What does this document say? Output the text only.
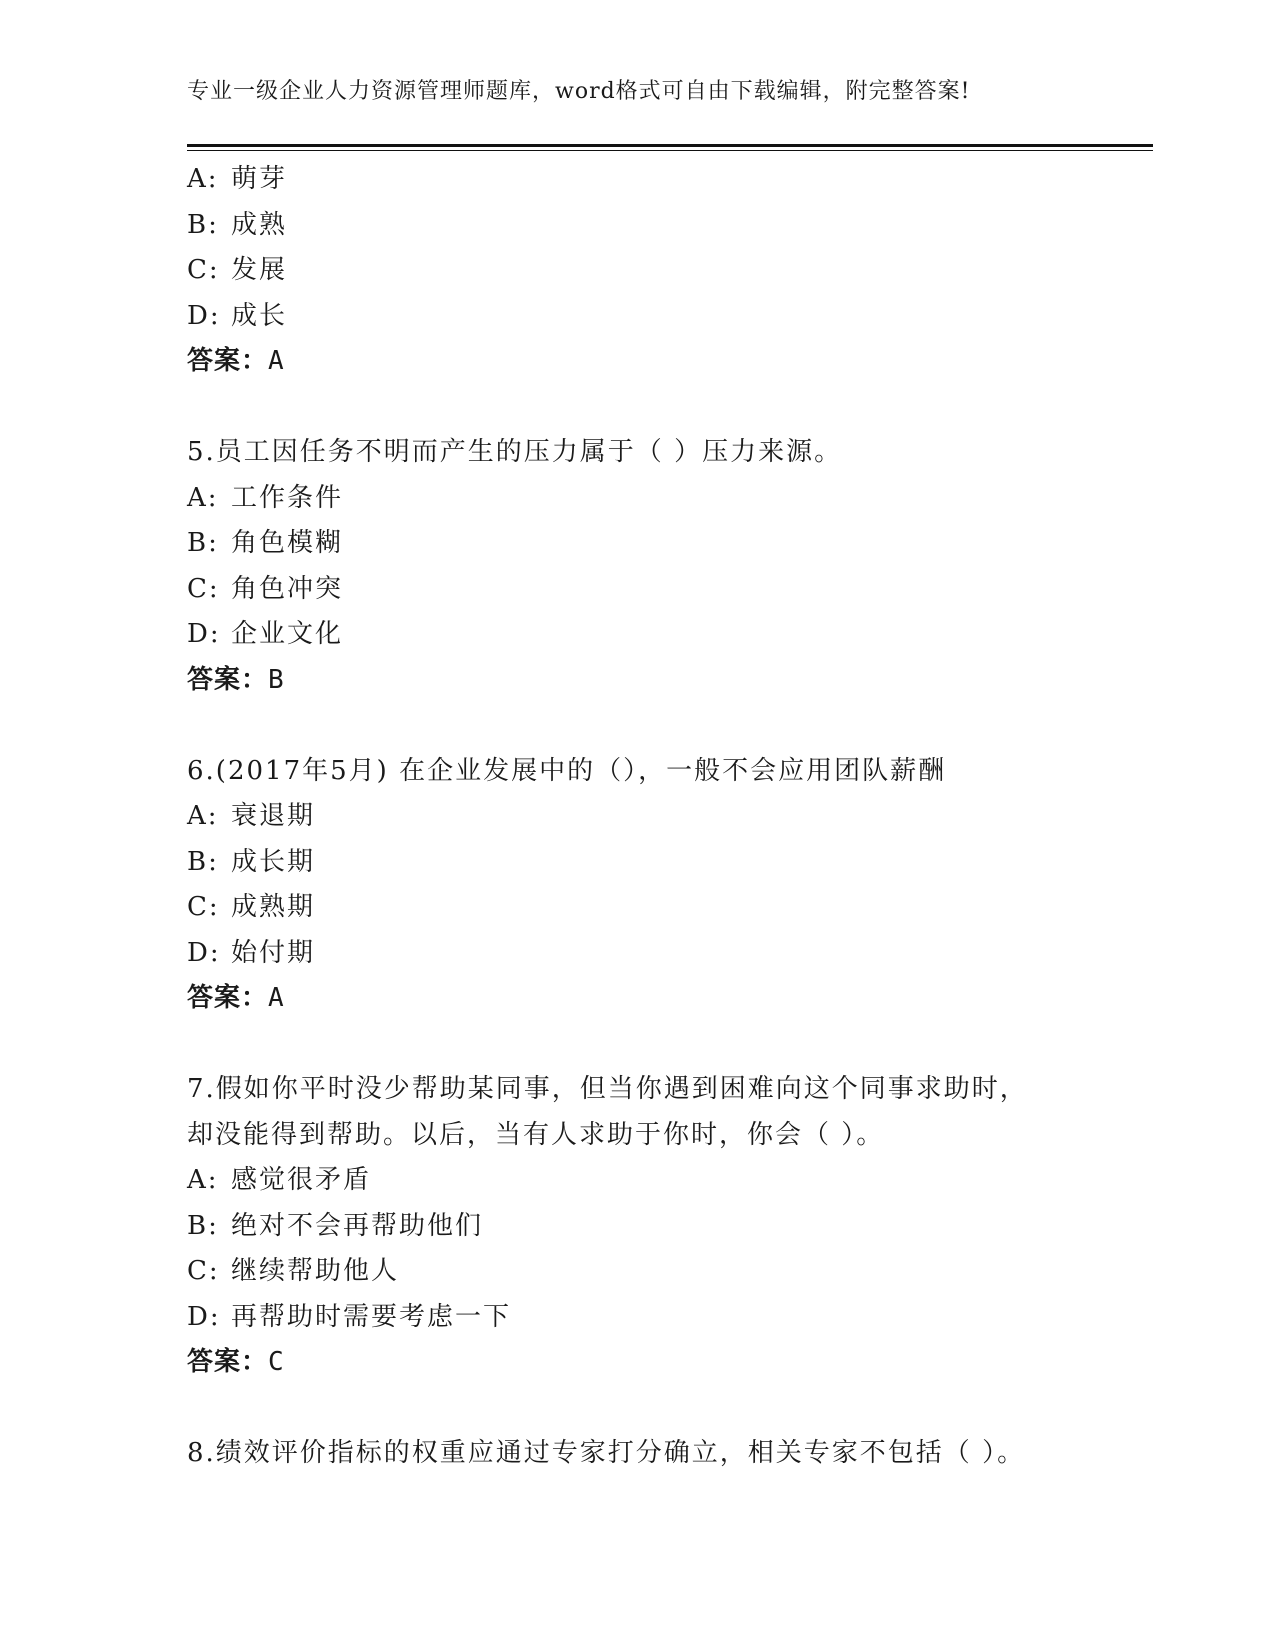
专业一级企业人力资源管理师题库，word格式可自由下载编辑，附完整答案!
A: 萌芽
B: 成熟
C: 发展
D: 成长
答案：A
5.员工因任务不明而产生的压力属于（ ）压力来源。
A: 工作条件
B: 角色模糊
C: 角色冲突
D: 企业文化
答案：B
6.(2017年5月) 在企业发展中的（），一般不会应用团队薪酬
A: 衰退期
B: 成长期
C: 成熟期
D: 始付期
答案：A
7.假如你平时没少帮助某同事，但当你遇到困难向这个同事求助时，
却没能得到帮助。以后，当有人求助于你时，你会（ ）。
A: 感觉很矛盾
B: 绝对不会再帮助他们
C: 继续帮助他人
D: 再帮助时需要考虑一下
答案：C
8.绩效评价指标的权重应通过专家打分确立，相关专家不包括（ ）。
